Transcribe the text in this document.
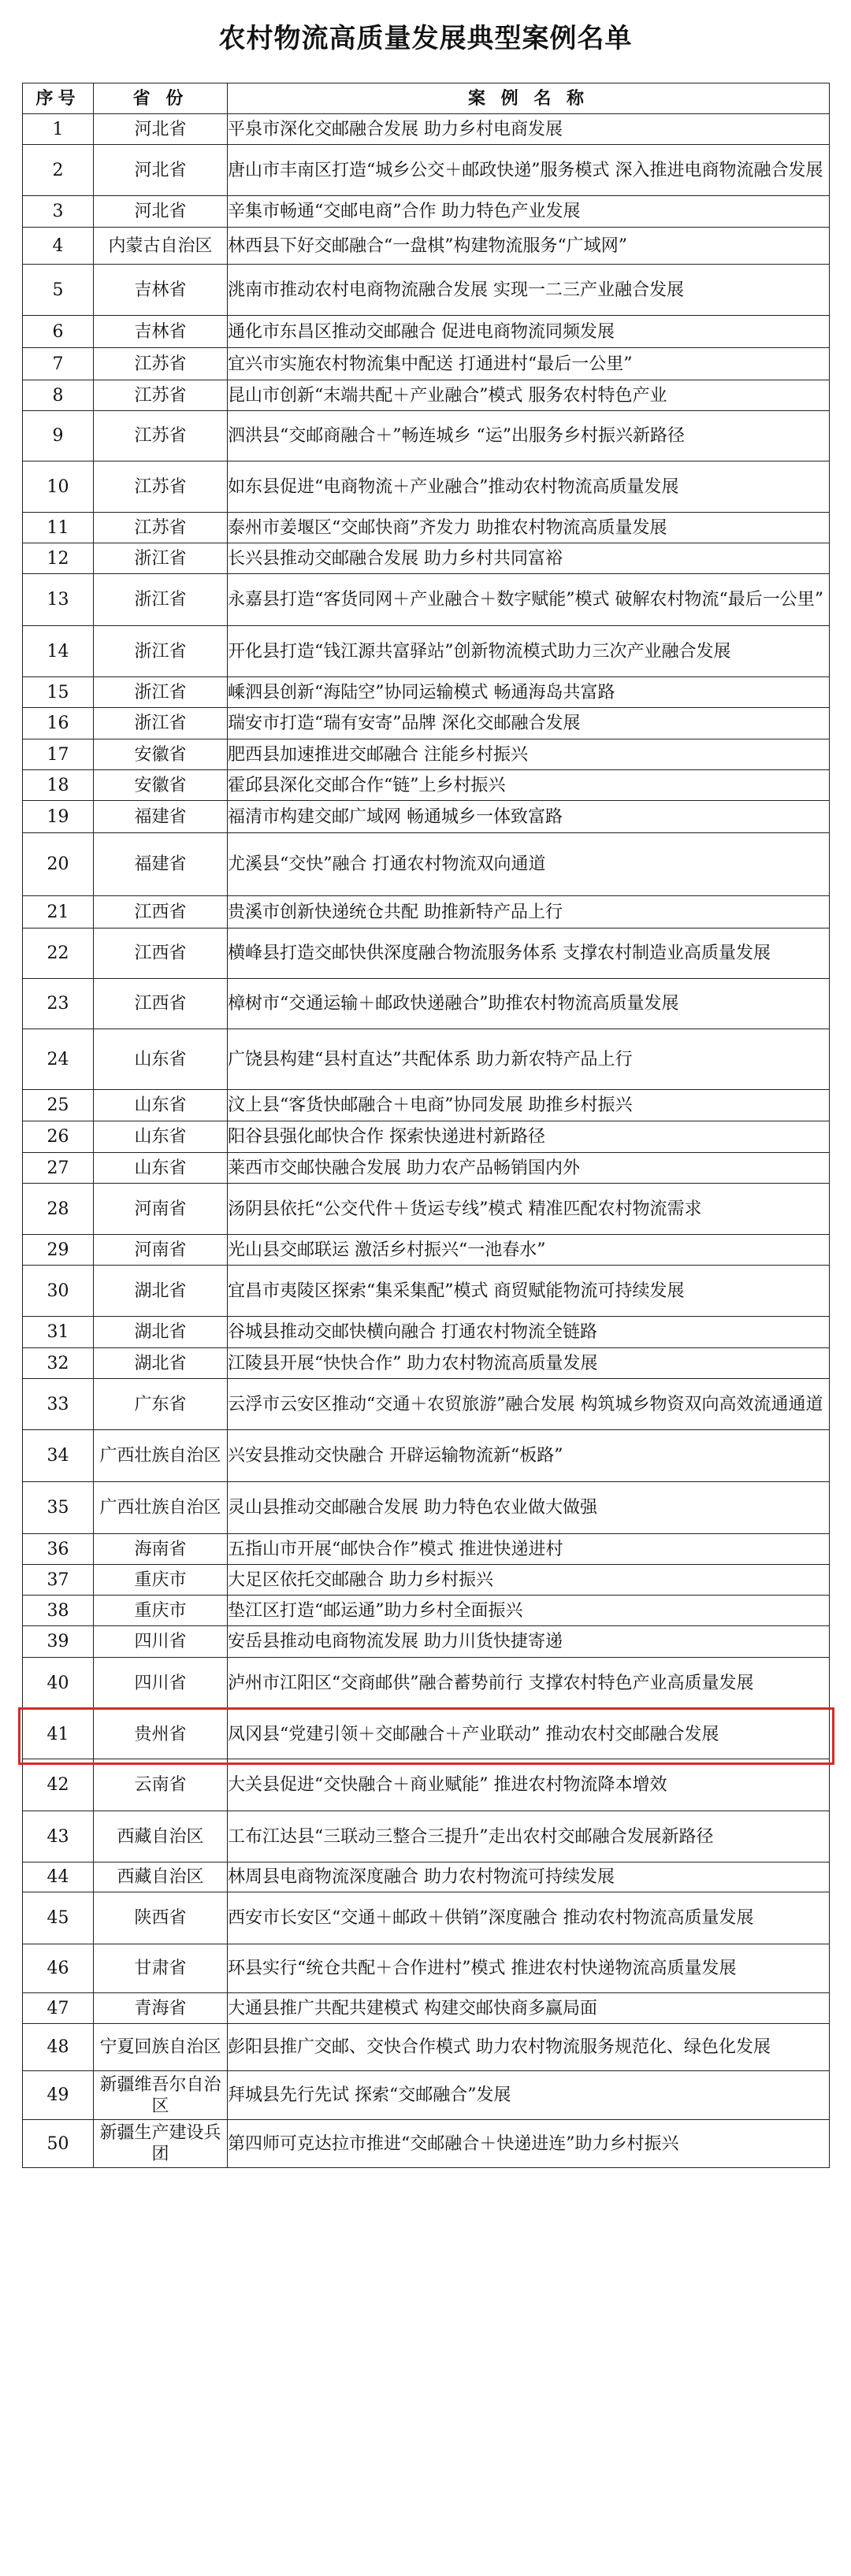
农村物流高质量发展典型案例名单
序号	省 份	案 例 名 称
1	河北省	平泉市深化交邮融合发展 助力乡村电商发展
2	河北省	唐山市丰南区打造“城乡公交＋邮政快递”服务模式 深入推进电商物流融合发展
3	河北省	辛集市畅通“交邮电商”合作 助力特色产业发展
4	内蒙古自治区	林西县下好交邮融合“一盘棋”构建物流服务“广域网”
5	吉林省	洮南市推动农村电商物流融合发展 实现一二三产业融合发展
6	吉林省	通化市东昌区推动交邮融合 促进电商物流同频发展
7	江苏省	宜兴市实施农村物流集中配送 打通进村“最后一公里”
8	江苏省	昆山市创新“末端共配＋产业融合”模式 服务农村特色产业
9	江苏省	泗洪县“交邮商融合＋”畅连城乡 “运”出服务乡村振兴新路径
10	江苏省	如东县促进“电商物流＋产业融合”推动农村物流高质量发展
11	江苏省	泰州市姜堰区“交邮快商”齐发力 助推农村物流高质量发展
12	浙江省	长兴县推动交邮融合发展 助力乡村共同富裕
13	浙江省	永嘉县打造“客货同网＋产业融合＋数字赋能”模式 破解农村物流“最后一公里”
14	浙江省	开化县打造“钱江源共富驿站”创新物流模式助力三次产业融合发展
15	浙江省	嵊泗县创新“海陆空”协同运输模式 畅通海岛共富路
16	浙江省	瑞安市打造“瑞有安寄”品牌 深化交邮融合发展
17	安徽省	肥西县加速推进交邮融合 注能乡村振兴
18	安徽省	霍邱县深化交邮合作“链”上乡村振兴
19	福建省	福清市构建交邮广域网 畅通城乡一体致富路
20	福建省	尤溪县“交快”融合 打通农村物流双向通道
21	江西省	贵溪市创新快递统仓共配 助推新特产品上行
22	江西省	横峰县打造交邮快供深度融合物流服务体系 支撑农村制造业高质量发展
23	江西省	樟树市“交通运输＋邮政快递融合”助推农村物流高质量发展
24	山东省	广饶县构建“县村直达”共配体系 助力新农特产品上行
25	山东省	汶上县“客货快邮融合＋电商”协同发展 助推乡村振兴
26	山东省	阳谷县强化邮快合作 探索快递进村新路径
27	山东省	莱西市交邮快融合发展 助力农产品畅销国内外
28	河南省	汤阴县依托“公交代件＋货运专线”模式 精准匹配农村物流需求
29	河南省	光山县交邮联运 激活乡村振兴“一池春水”
30	湖北省	宜昌市夷陵区探索“集采集配”模式 商贸赋能物流可持续发展
31	湖北省	谷城县推动交邮快横向融合 打通农村物流全链路
32	湖北省	江陵县开展“快快合作” 助力农村物流高质量发展
33	广东省	云浮市云安区推动“交通＋农贸旅游”融合发展 构筑城乡物资双向高效流通通道
34	广西壮族自治区	兴安县推动交快融合 开辟运输物流新“板路”
35	广西壮族自治区	灵山县推动交邮融合发展 助力特色农业做大做强
36	海南省	五指山市开展“邮快合作”模式 推进快递进村
37	重庆市	大足区依托交邮融合 助力乡村振兴
38	重庆市	垫江区打造“邮运通”助力乡村全面振兴
39	四川省	安岳县推动电商物流发展 助力川货快捷寄递
40	四川省	泸州市江阳区“交商邮供”融合蓄势前行 支撑农村特色产业高质量发展
41	贵州省	凤冈县“党建引领＋交邮融合＋产业联动” 推动农村交邮融合发展
42	云南省	大关县促进“交快融合＋商业赋能” 推进农村物流降本增效
43	西藏自治区	工布江达县“三联动三整合三提升”走出农村交邮融合发展新路径
44	西藏自治区	林周县电商物流深度融合 助力农村物流可持续发展
45	陕西省	西安市长安区“交通＋邮政＋供销”深度融合 推动农村物流高质量发展
46	甘肃省	环县实行“统仓共配＋合作进村”模式 推进农村快递物流高质量发展
47	青海省	大通县推广共配共建模式 构建交邮快商多赢局面
48	宁夏回族自治区	彭阳县推广交邮、交快合作模式 助力农村物流服务规范化、绿色化发展
49	新疆维吾尔自治区	拜城县先行先试 探索“交邮融合”发展
50	新疆生产建设兵团	第四师可克达拉市推进“交邮融合＋快递进连”助力乡村振兴
